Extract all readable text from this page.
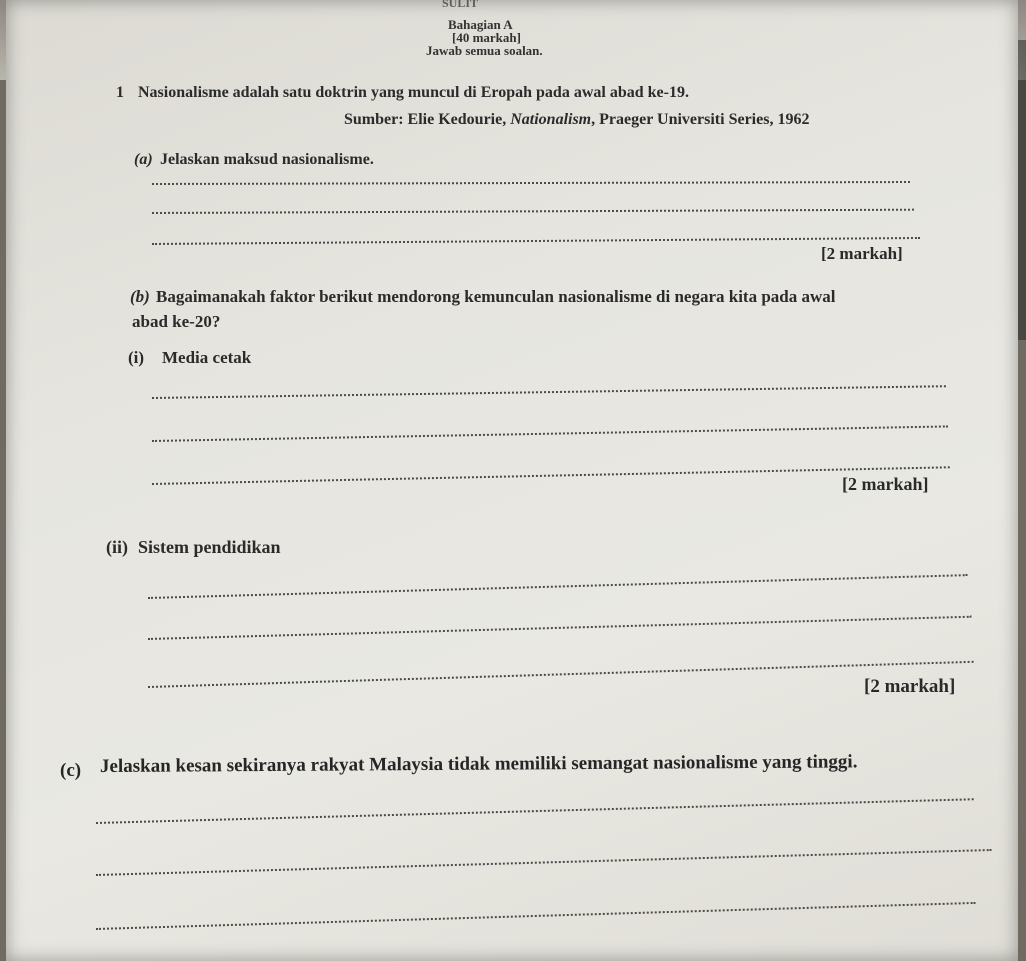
SULIT
Bahagian A
[40 markah]
Jawab semua soalan.
1 Nasionalisme adalah satu doktrin yang muncul di Eropah pada awal abad ke-19.
Sumber: Elie Kedourie, Nationalism, Praeger Universiti Series, 1962
(a) Jelaskan maksud nasionalisme.
[2 markah]
(b) Bagaimanakah faktor berikut mendorong kemunculan nasionalisme di negara kita pada awal
abad ke-20?
(i) Media cetak
[2 markah]
(ii) Sistem pendidikan
[2 markah]
(c) Jelaskan kesan sekiranya rakyat Malaysia tidak memiliki semangat nasionalisme yang tinggi.
